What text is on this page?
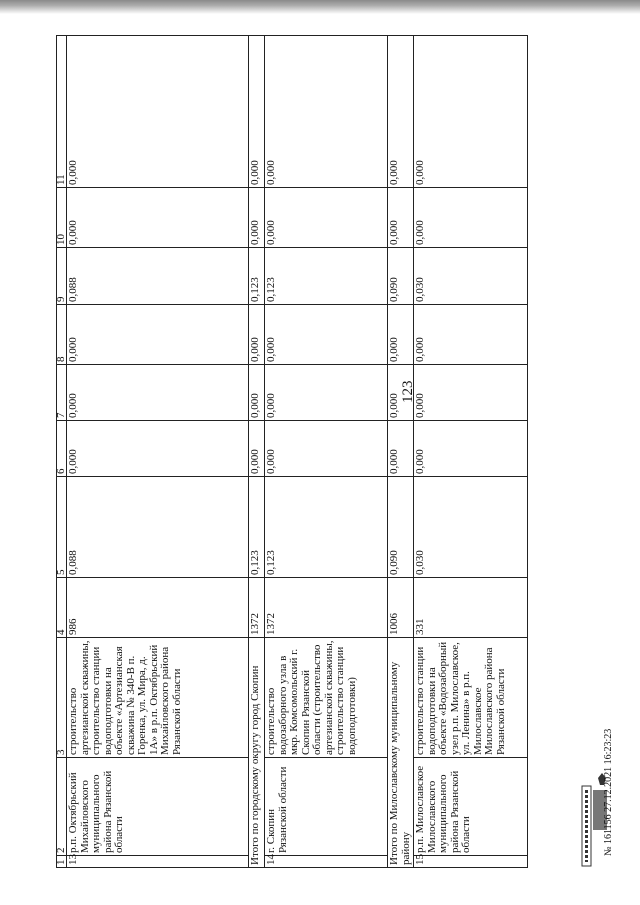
123
1	2	3	4	5	6	7	8	9	10	11
13	р.п. Октябрьский Михайловского муниципального района Рязанской области	строительство артезианской скважины, строительство станции водоподготовки на объекте «Артезианская скважина № 340-В п. Горенка, ул. Мира, д. 1А» в р.п. Октябрьский Михайловского района Рязанской области	986	0,088	0,000	0,000	0,000	0,088	0,000	0,000
Итого по городскому округу город Скопин			1372	0,123	0,000	0,000	0,000	0,123	0,000	0,000
14	г. Скопин Рязанской области	строительство водозаборного узла в мкр. Комсомольский г. Скопин Рязанской области (строительство артезианской скважины, строительство станции водоподготовки)	1372	0,123	0,000	0,000	0,000	0,123	0,000	0,000
Итого по Милославскому муниципальному району			1006	0,090	0,000	0,000	0,000	0,090	0,000	0,000
15	р.п. Милославское Милославского муниципального района Рязанской области	строительство станции водоподготовки на объекте «Водозаборный узел р.п. Милославское, ул. Ленина» в р.п. Милославское Милославского района Рязанской области	331	0,030	0,000	0,000	0,000	0,030	0,000	0,000
№ 161156 27.12.2021 16:23:23
